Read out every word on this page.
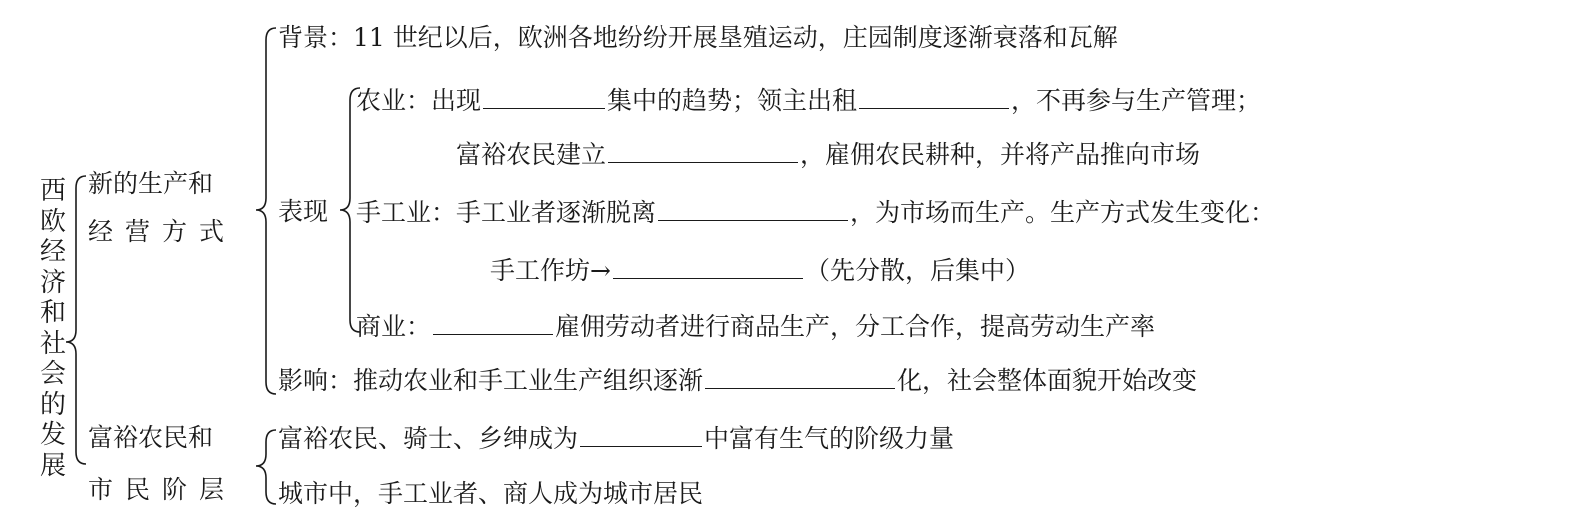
西
欧
经
济
和
社
会
的
发
展
新的生产和
经营方式
背景：11 世纪以后，欧洲各地纷纷开展垦殖运动，庄园制度逐渐衰落和瓦解
表现
农业：出现	集中的趋势；领主出租	，不再参与生产管理；
富裕农民建立	，雇佣农民耕种，并将产品推向市场
手工业：手工业者逐渐脱离	，为市场而生产。生产方式发生变化：
手工作坊→	（先分散，后集中）
商业：	雇佣劳动者进行商品生产，分工合作，提高劳动生产率
影响：推动农业和手工业生产组织逐渐	化，社会整体面貌开始改变
富裕农民和
市民阶层
富裕农民、骑士、乡绅成为	中富有生气的阶级力量
城市中，手工业者、商人成为城市居民
